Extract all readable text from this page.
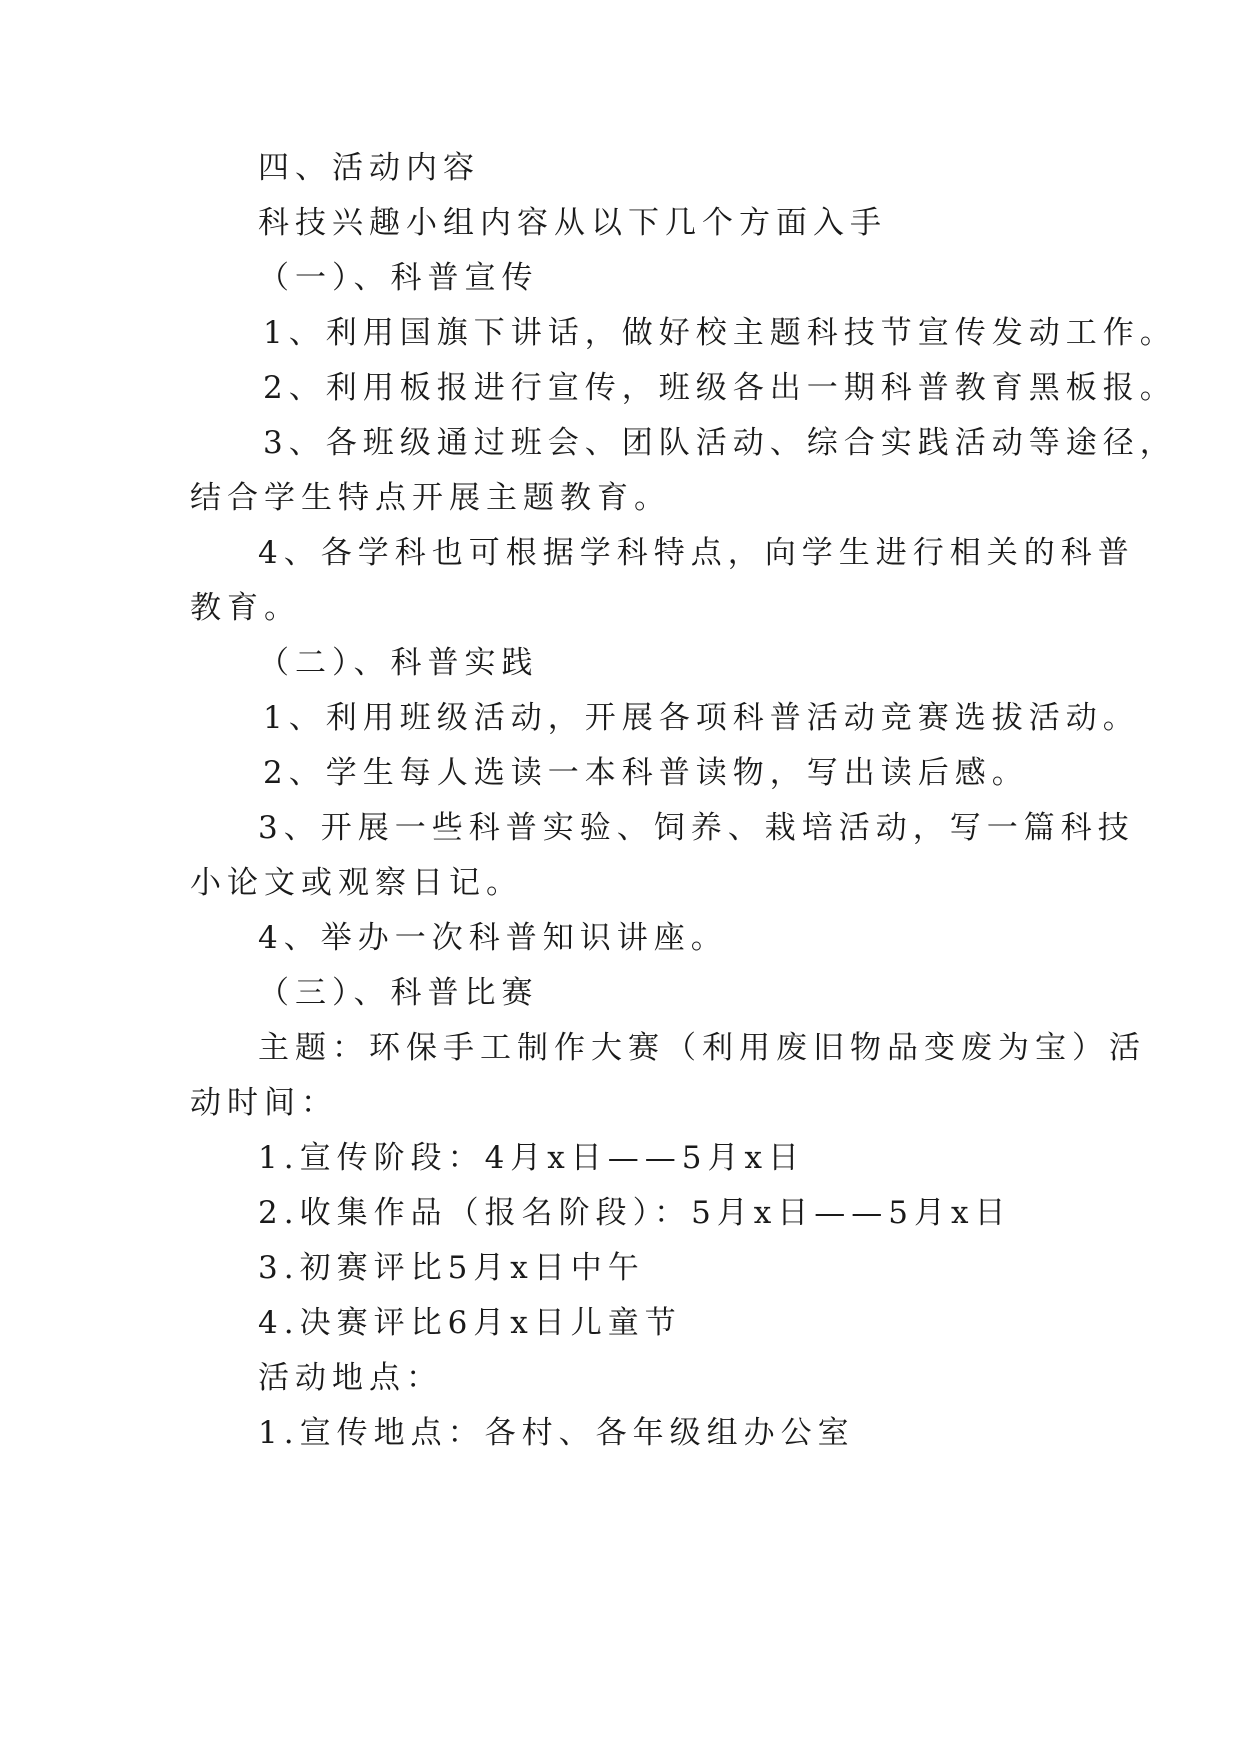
四、活动内容
科技兴趣小组内容从以下几个方面入手
（一）、科普宣传
1、利用国旗下讲话，做好校主题科技节宣传发动工作。
2、利用板报进行宣传，班级各出一期科普教育黑板报。
3、各班级通过班会、团队活动、综合实践活动等途径，
结合学生特点开展主题教育。
4、各学科也可根据学科特点，向学生进行相关的科普
教育。
（二）、科普实践
1、利用班级活动，开展各项科普活动竞赛选拔活动。
2、学生每人选读一本科普读物，写出读后感。
3、开展一些科普实验、饲养、栽培活动，写一篇科技
小论文或观察日记。
4、举办一次科普知识讲座。
（三）、科普比赛
主题：环保手工制作大赛（利用废旧物品变废为宝）活
动时间：
1.宣传阶段：4月x日——5月x日
2.收集作品（报名阶段）：5月x日——5月x日
3.初赛评比5月x日中午
4.决赛评比6月x日儿童节
活动地点：
1.宣传地点：各村、各年级组办公室
